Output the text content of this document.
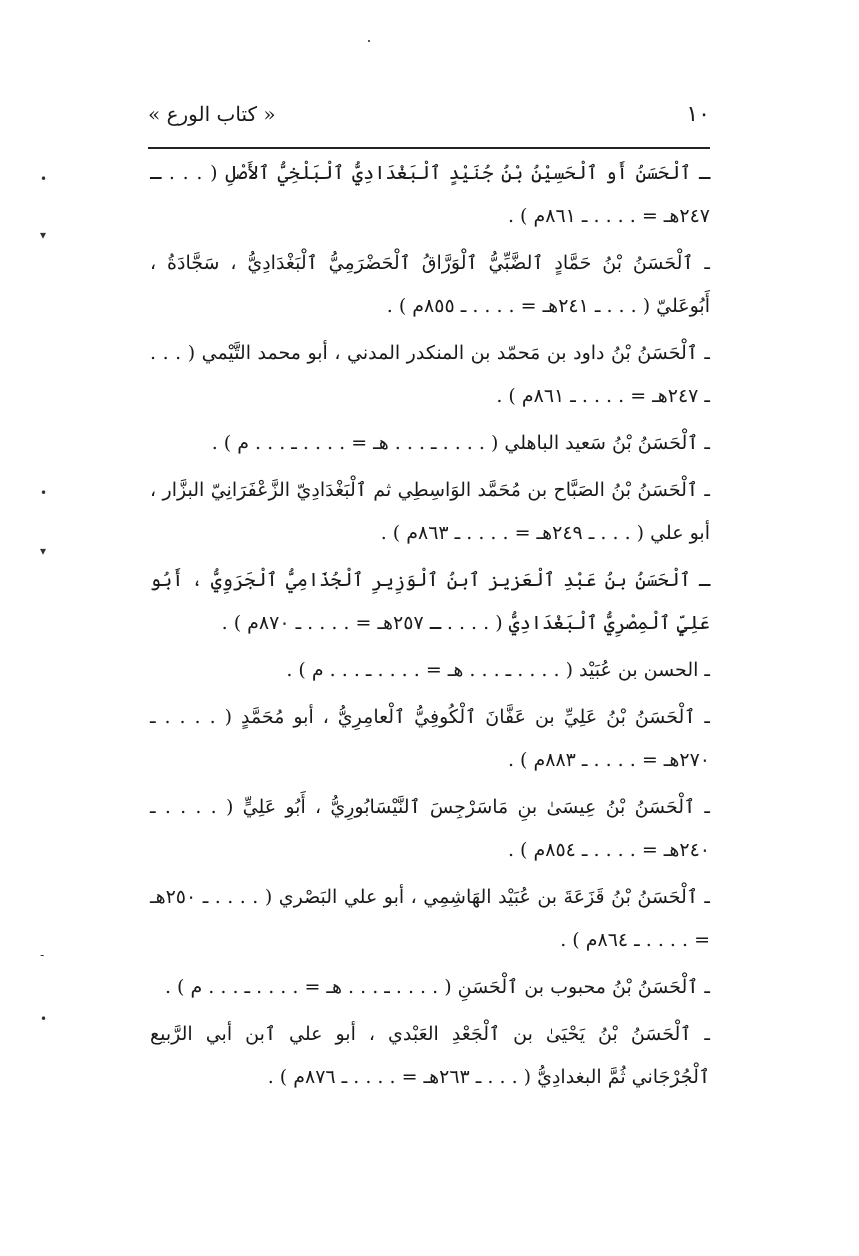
١٠
« كتاب الورع »

ـ ٱلْحَسَنُ أَو ٱلْحَسِيْنُ بْنُ جُنَيْدٍ ٱلْبَغْدَادِيُّ ٱلْبَلْخِيُّ ٱلأَصْلِ ( . . . ـ ٢٤٧هـ = . . . . ـ ٨٦١م ) .

ـ ٱلْحَسَنُ بْنُ حَمَّادٍ ٱلضَّبِّيُّ ٱلْوَرَّاقُ ٱلْحَضْرَمِيُّ ٱلْبَغْدَادِيُّ ، سَجَّادَةُ ، أَبُوعَليّ ( . . . ـ ٢٤١هـ = . . . . ـ ٨٥٥م ) .

ـ ٱلْحَسَنُ بْنُ داود بن مَحمّد بن المنكدر المدني ، أبو محمد التَّيْمي ( . . . ـ ٢٤٧هـ = . . . . ـ ٨٦١م ) .

ـ ٱلْحَسَنُ بْنُ سَعيد الباهلي ( . . . . ـ . . . هـ = . . . . ـ . . . م ) .

ـ ٱلْحَسَنُ بْنُ الصَبَّاح بن مُحَمَّد الوَاسِطِي ثم ٱلْبَغْدَادِيّ الزَّعْفَرَانِيّ البزَّار ، أبو علي ( . . . ـ ٢٤٩هـ = . . . . ـ ٨٦٣م ) .

ـ ٱلْحَسَنُ بنُ عَبْدِ ٱلْعَزيز ٱبنُ ٱلْوَزِيرِ ٱلْجُذَامِيُّ ٱلْجَرَوِيُّ ، أَبُو عَلِيٍّ ٱلْمِصْرِيُّ ٱلْبَغْدَادِيُّ ( . . . . ـ ٢٥٧هـ = . . . . ـ ٨٧٠م ) .

ـ الحسن بن عُبَيْد ( . . . . ـ . . . هـ = . . . . ـ . . . م ) .

ـ ٱلْحَسَنُ بْنُ عَلِيِّ بن عَفَّانَ ٱلْكُوفِيُّ ٱلْعامِرِيُّ ، أبو مُحَمَّدٍ ( . . . . ـ ٢٧٠هـ = . . . . ـ ٨٨٣م ) .

ـ ٱلْحَسَنُ بْنُ عِيسَىٰ بنِ مَاسَرْجِسَ ٱلنَّيْسَابُورِيُّ ، أَبُو عَلِيٍّ ( . . . . ـ ٢٤٠هـ = . . . . ـ ٨٥٤م ) .

ـ ٱلْحَسَنُ بْنُ قَزَعَةَ بن عُبَيْد الهَاشِمِي ، أبو علي البَصْري ( . . . . ـ ٢٥٠هـ = . . . . ـ ٨٦٤م ) .

ـ ٱلْحَسَنُ بْنُ محبوب بن ٱلْحَسَنِ ( . . . . ـ . . . هـ = . . . . ـ . . . م ) .

ـ ٱلْحَسَنُ بْنُ يَحْيَىٰ بن ٱلْجَعْدِ العَبْدي ، أبو علي ٱبن أبي الرَّبيع ٱلْجُرْجَاني ثُمَّ البغدادِيُّ ( . . . ـ ٢٦٣هـ = . . . . ـ ٨٧٦م ) .

•
▾
•
▾
-
•
